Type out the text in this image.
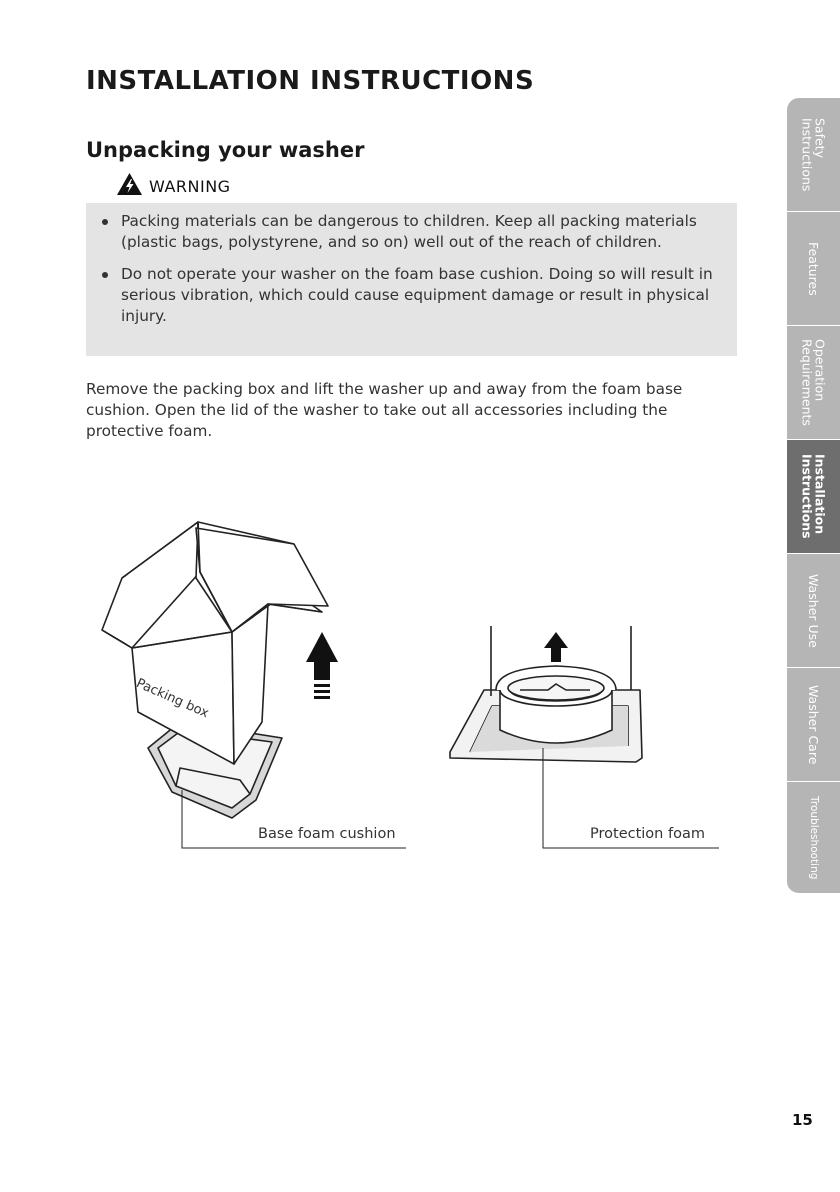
INSTALLATION INSTRUCTIONS
Unpacking your washer
WARNING
Packing materials can be dangerous to children. Keep all packing materials (plastic bags, polystyrene, and so on) well out of the reach of children.
Do not operate your washer on the foam base cushion. Doing so will result in serious vibration, which could cause equipment damage or result in physical injury.

Remove the packing box and lift the washer up and away from the foam base cushion. Open the lid of the washer to take out all accessories including the protective foam.

Packing box
Base foam cushion	Protection foam
Safety
Instructions
Features
Operation
Requirements
Installation
Instructions
Washer Use
Washer Care
Troubleshooting
15
